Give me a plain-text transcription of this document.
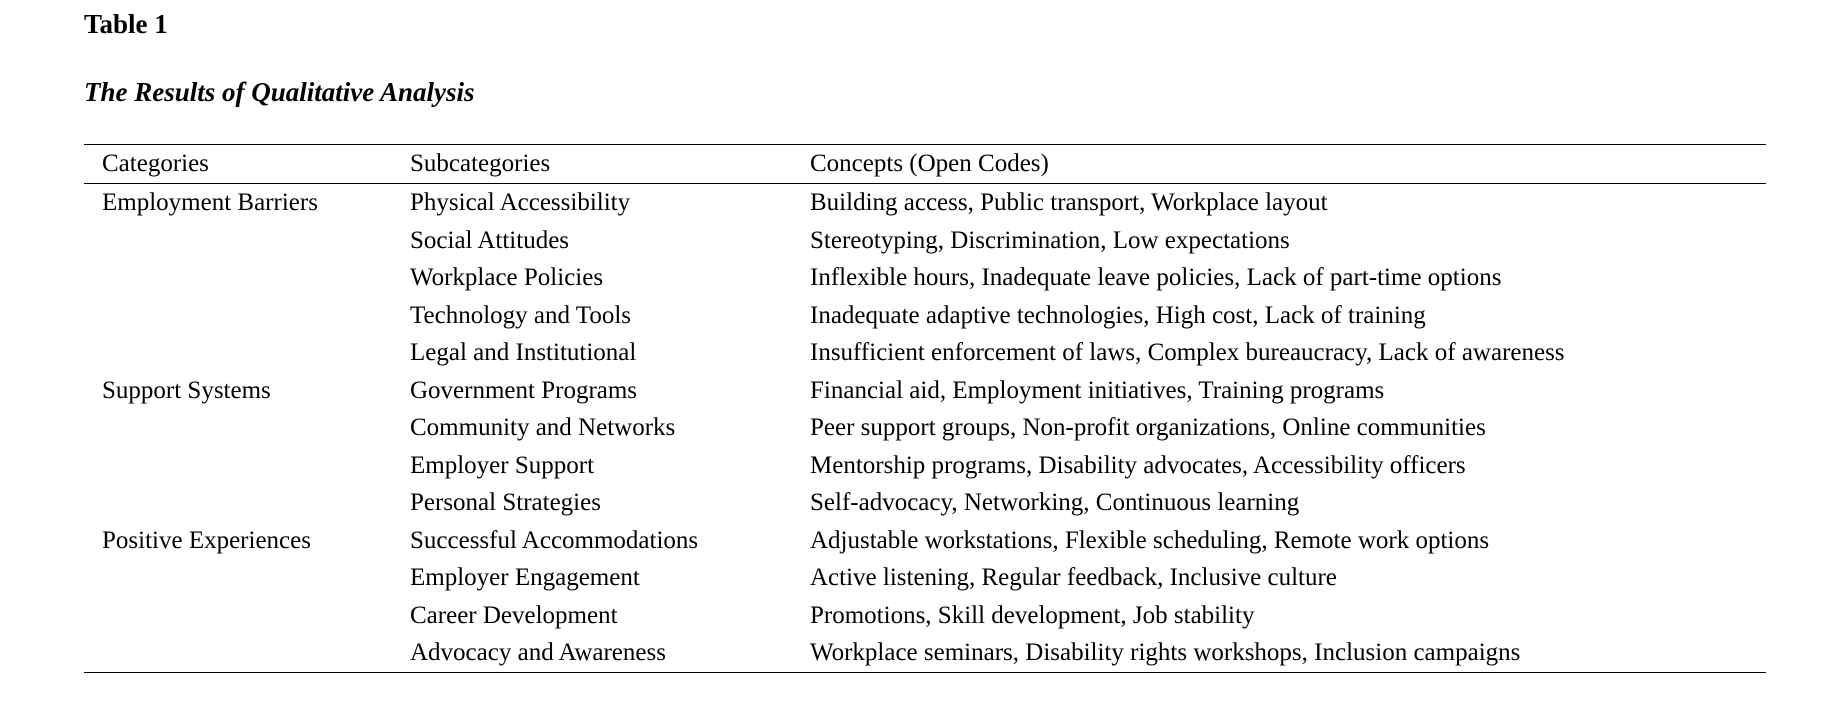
Table 1
The Results of Qualitative Analysis
Categories	Subcategories	Concepts (Open Codes)
Employment Barriers	Physical Accessibility	Building access, Public transport, Workplace layout
	Social Attitudes	Stereotyping, Discrimination, Low expectations
	Workplace Policies	Inflexible hours, Inadequate leave policies, Lack of part-time options
	Technology and Tools	Inadequate adaptive technologies, High cost, Lack of training
	Legal and Institutional	Insufficient enforcement of laws, Complex bureaucracy, Lack of awareness
Support Systems	Government Programs	Financial aid, Employment initiatives, Training programs
	Community and Networks	Peer support groups, Non-profit organizations, Online communities
	Employer Support	Mentorship programs, Disability advocates, Accessibility officers
	Personal Strategies	Self-advocacy, Networking, Continuous learning
Positive Experiences	Successful Accommodations	Adjustable workstations, Flexible scheduling, Remote work options
	Employer Engagement	Active listening, Regular feedback, Inclusive culture
	Career Development	Promotions, Skill development, Job stability
	Advocacy and Awareness	Workplace seminars, Disability rights workshops, Inclusion campaigns
